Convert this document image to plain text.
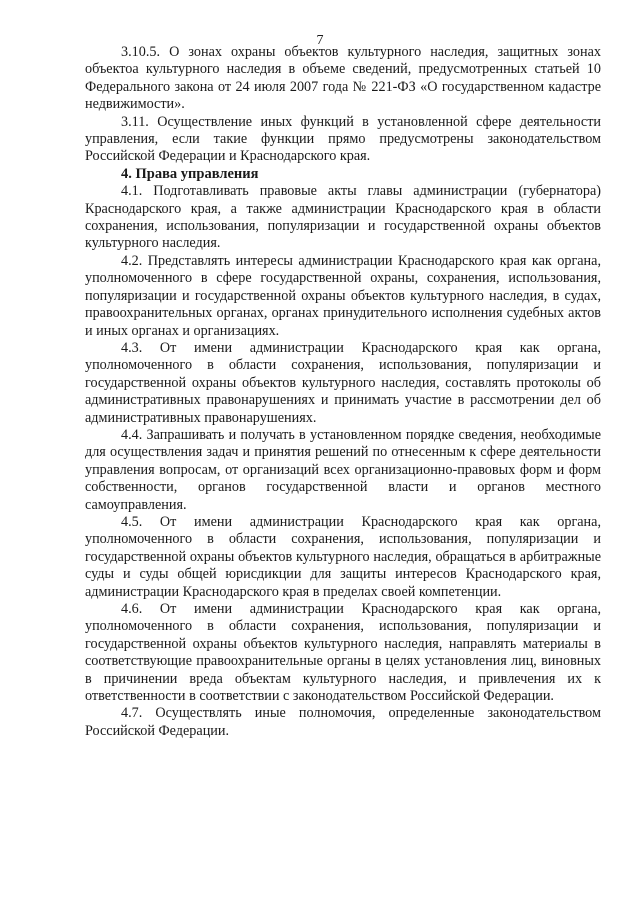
7

3.10.5. О зонах охраны объектов культурного наследия, защитных зонах объектоа культурного наследия в объеме сведений, предусмотренных статьей 10 Федерального закона от 24 июля 2007 года № 221-ФЗ «О государственном кадастре недвижимости».

3.11. Осуществление иных функций в установленной сфере деятельности управления, если такие функции прямо предусмотрены законодательством Российской Федерации и Краснодарского края.

4. Права управления

4.1. Подготавливать правовые акты главы администрации (губернатора) Краснодарского края, а также администрации Краснодарского края в области сохранения, использования, популяризации и государственной охраны объектов культурного наследия.

4.2. Представлять интересы администрации Краснодарского края как органа, уполномоченного в сфере государственной охраны, сохранения, использования, популяризации и государственной охраны объектов культурного наследия, в судах, правоохранительных органах, органах принудительного исполнения судебных актов и иных органах и организациях.

4.3. От имени администрации Краснодарского края как органа, уполномоченного в области сохранения, использования, популяризации и государственной охраны объектов культурного наследия, составлять протоколы об административных правонарушениях и принимать участие в рассмотрении дел об административных правонарушениях.

4.4. Запрашивать и получать в установленном порядке сведения, необходимые для осуществления задач и принятия решений по отнесенным к сфере деятельности управления вопросам, от организаций всех организационно-правовых форм и форм собственности, органов государственной власти и органов местного самоуправления.

4.5. От имени администрации Краснодарского края как органа, уполномоченного в области сохранения, использования, популяризации и государственной охраны объектов культурного наследия, обращаться в арбитражные суды и суды общей юрисдикции для защиты интересов Краснодарского края, администрации Краснодарского края в пределах своей компетенции.

4.6. От имени администрации Краснодарского края как органа, уполномоченного в области сохранения, использования, популяризации и государственной охраны объектов культурного наследия, направлять материалы в соответствующие правоохранительные органы в целях установления лиц, виновных в причинении вреда объектам культурного наследия, и привлечения их к ответственности в соответствии с законодательством Российской Федерации.

4.7. Осуществлять иные полномочия, определенные законодательством Российской Федерации.
